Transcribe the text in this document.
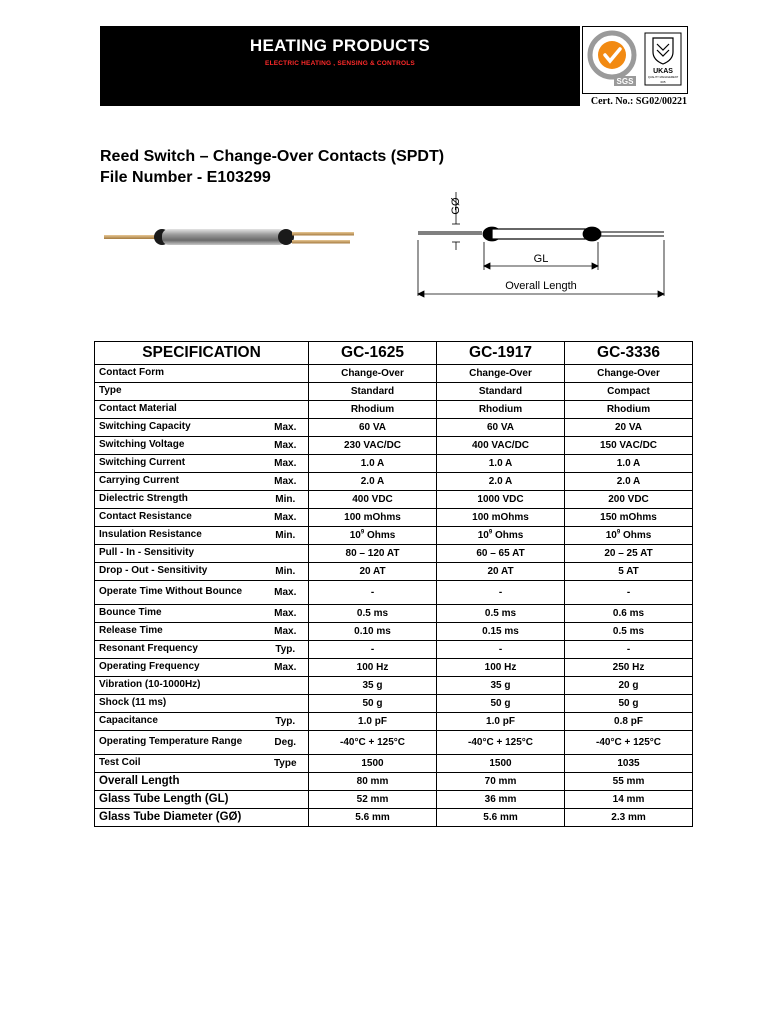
HEATING PRODUCTS
ELECTRIC HEATING , SENSING & CONTROLS
SGS
UKAS
QUALITY MANAGEMENT
005
Cert. No.: SG02/00221
Reed Switch – Change-Over Contacts (SPDT)
File Number - E103299
GØ
GL
Overall Length
SPECIFICATION		GC-1625	GC-1917	GC-3336
Contact Form		Change-Over	Change-Over	Change-Over
Type		Standard	Standard	Compact
Contact Material		Rhodium	Rhodium	Rhodium
Switching Capacity	Max.	60 VA	60 VA	20 VA
Switching Voltage	Max.	230 VAC/DC	400 VAC/DC	150 VAC/DC
Switching Current	Max.	1.0 A	1.0 A	1.0 A
Carrying Current	Max.	2.0 A	2.0 A	2.0 A
Dielectric Strength	Min.	400 VDC	1000 VDC	200 VDC
Contact Resistance	Max.	100 mOhms	100 mOhms	150 mOhms
Insulation Resistance	Min.	$10^9$ Ohms	$10^9$ Ohms	$10^9$ Ohms
Pull - In - Sensitivity		80 – 120 AT	60 – 65 AT	20 – 25 AT
Drop - Out - Sensitivity	Min.	20 AT	20 AT	5 AT
Operate Time Without Bounce	Max.	-	-	-
Bounce Time	Max.	0.5 ms	0.5 ms	0.6 ms
Release Time	Max.	0.10 ms	0.15 ms	0.5 ms
Resonant Frequency	Typ.	-	-	-
Operating Frequency	Max.	100 Hz	100 Hz	250 Hz
Vibration (10-1000Hz)		35 g	35 g	20 g
Shock (11 ms)		50 g	50 g	50 g
Capacitance	Typ.	1.0 pF	1.0 pF	0.8 pF
Operating Temperature Range	Deg.	-40°C + 125°C	-40°C + 125°C	-40°C + 125°C
Test Coil	Type	1500	1500	1035
Overall Length		80 mm	70 mm	55 mm
Glass Tube Length (GL)		52 mm	36 mm	14 mm
Glass Tube Diameter (GØ)		5.6 mm	5.6 mm	2.3 mm
